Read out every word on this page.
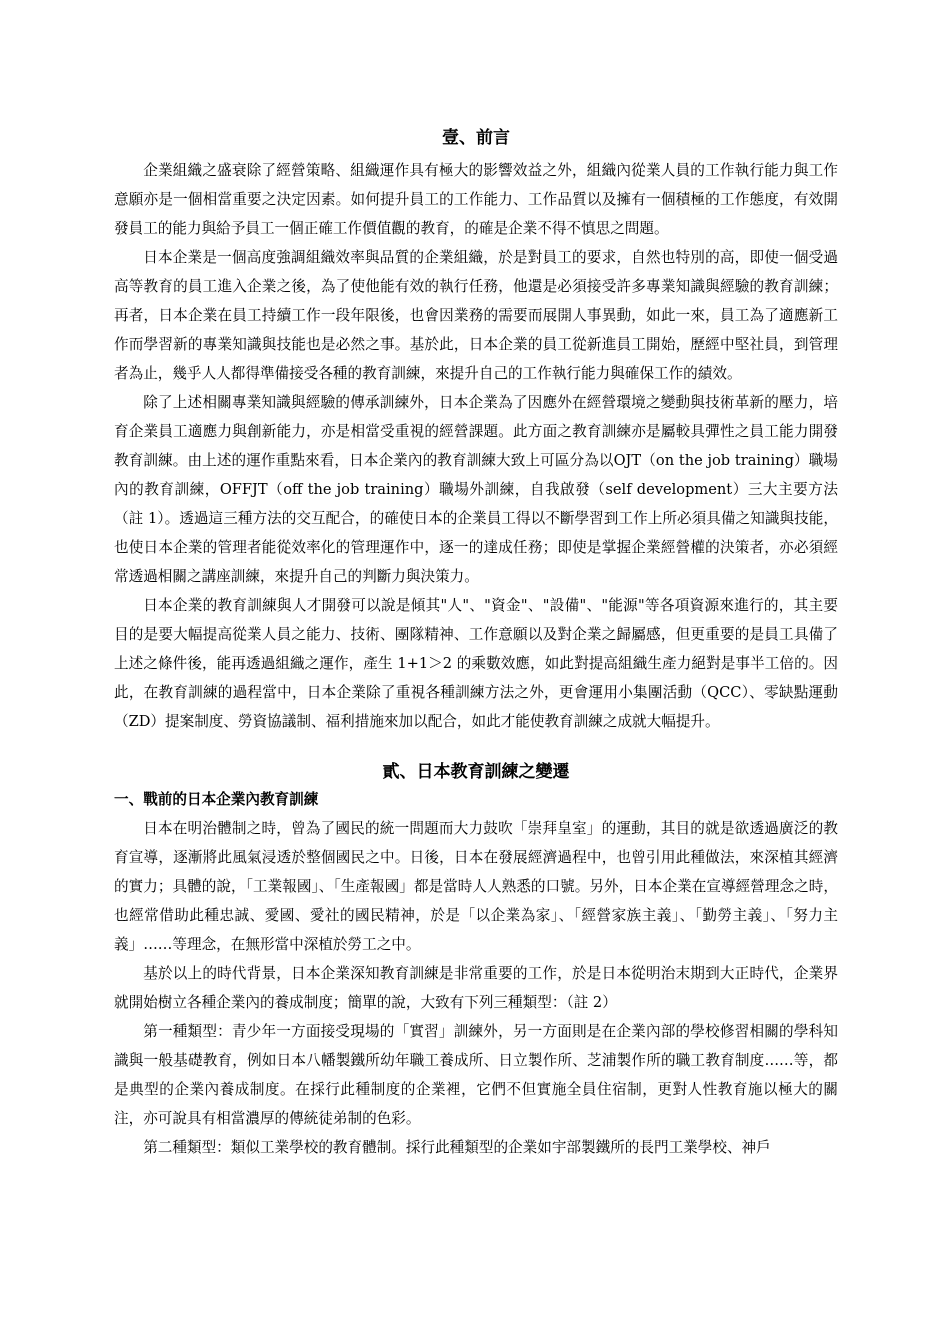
壹、前言

企業組織之盛衰除了經營策略、組織運作具有極大的影響效益之外，組織內從業人員的工作執行能力與工作意願亦是一個相當重要之決定因素。如何提升員工的工作能力、工作品質以及擁有一個積極的工作態度，有效開發員工的能力與給予員工一個正確工作價值觀的教育，的確是企業不得不慎思之問題。

日本企業是一個高度強調組織效率與品質的企業組織，於是對員工的要求，自然也特別的高，即使一個受過高等教育的員工進入企業之後，為了使他能有效的執行任務，他還是必須接受許多專業知識與經驗的教育訓練；再者，日本企業在員工持續工作一段年限後，也會因業務的需要而展開人事異動，如此一來，員工為了適應新工作而學習新的專業知識與技能也是必然之事。基於此，日本企業的員工從新進員工開始，歷經中堅社員，到管理者為止，幾乎人人都得準備接受各種的教育訓練，來提升自己的工作執行能力與確保工作的績效。

除了上述相關專業知識與經驗的傳承訓練外，日本企業為了因應外在經營環境之變動與技術革新的壓力，培育企業員工適應力與創新能力，亦是相當受重視的經營課題。此方面之教育訓練亦是屬較具彈性之員工能力開發教育訓練。由上述的運作重點來看，日本企業內的教育訓練大致上可區分為以OJT（on the job training）職場內的教育訓練，OFFJT（off the job training）職場外訓練，自我啟發（self development）三大主要方法（註 1）。透過這三種方法的交互配合，的確使日本的企業員工得以不斷學習到工作上所必須具備之知識與技能，也使日本企業的管理者能從效率化的管理運作中，逐一的達成任務；即使是掌握企業經營權的決策者，亦必須經常透過相關之講座訓練，來提升自己的判斷力與決策力。

日本企業的教育訓練與人才開發可以說是傾其"人"、"資金"、"設備"、"能源"等各項資源來進行的，其主要目的是要大幅提高從業人員之能力、技術、團隊精神、工作意願以及對企業之歸屬感，但更重要的是員工具備了上述之條件後，能再透過組織之運作，產生 1+1＞2 的乘數效應，如此對提高組織生產力絕對是事半工倍的。因此，在教育訓練的過程當中，日本企業除了重視各種訓練方法之外，更會運用小集團活動（QCC）、零缺點運動（ZD）提案制度、勞資協議制、福利措施來加以配合，如此才能使教育訓練之成就大幅提升。

貳、日本教育訓練之變遷
一、戰前的日本企業內教育訓練

日本在明治體制之時，曾為了國民的統一問題而大力鼓吹「崇拜皇室」的運動，其目的就是欲透過廣泛的教育宣導，逐漸將此風氣浸透於整個國民之中。日後，日本在發展經濟過程中，也曾引用此種做法，來深植其經濟的實力；具體的說，「工業報國」、「生產報國」都是當時人人熟悉的口號。另外，日本企業在宣導經營理念之時，也經常借助此種忠誠、愛國、愛社的國民精神，於是「以企業為家」、「經營家族主義」、「勤勞主義」、「努力主義」……等理念，在無形當中深植於勞工之中。

基於以上的時代背景，日本企業深知教育訓練是非常重要的工作，於是日本從明治末期到大正時代，企業界就開始樹立各種企業內的養成制度；簡單的說，大致有下列三種類型：（註 2）

第一種類型：青少年一方面接受現場的「實習」訓練外，另一方面則是在企業內部的學校修習相關的學科知識與一般基礎教育，例如日本八幡製鐵所幼年職工養成所、日立製作所、芝浦製作所的職工教育制度……等，都是典型的企業內養成制度。在採行此種制度的企業裡，它們不但實施全員住宿制，更對人性教育施以極大的關注，亦可說具有相當濃厚的傳統徒弟制的色彩。

第二種類型：類似工業學校的教育體制。採行此種類型的企業如宇部製鐵所的長門工業學校、神戶
